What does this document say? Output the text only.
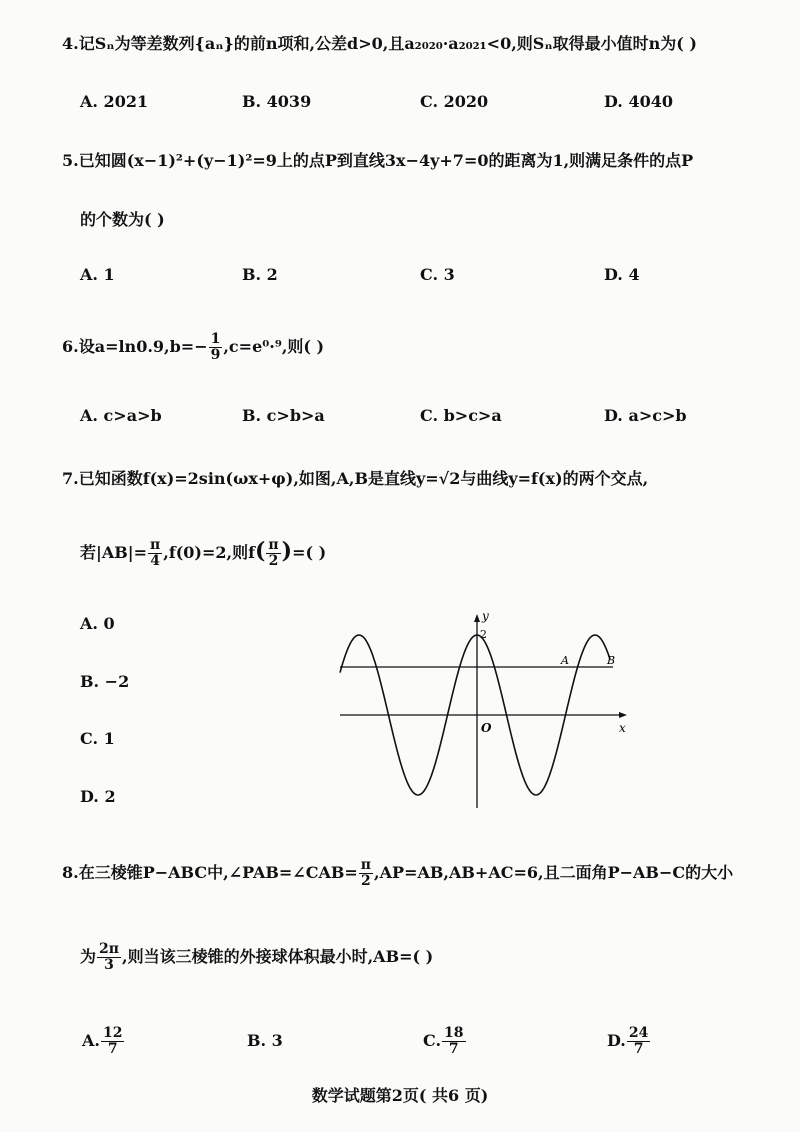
4.记Sₙ为等差数列{aₙ}的前n项和,公差d>0,且a₂₀₂₀·a₂₀₂₁<0,则Sₙ取得最小值时n为( )
A. 2021	B. 4039	C. 2020	D. 4040
5.已知圆(x−1)²+(y−1)²=9上的点P到直线3x−4y+7=0的距离为1,则满足条件的点P
的个数为( )
A. 1	B. 2	C. 3	D. 4
6.设$a=\ln 0.9,b=- \frac{1}{9} ,c=e^0\cdot^9$,则( )
A. c>a>b	B. c>b>a	C. b>c>a	D. a>c>b
7.已知函数f(x)=2sin(ωx+φ),如图,A,B是直线y=√2与曲线y=f(x)的两个交点,
若$|AB|= \frac{\pi}{4} ,f(0)=2$,则$f( \frac{\pi}{2}$ )=( )
A. 0
B. −2
C. 1
D. 2
y
x
O
2
A	B
8.在三棱锥P−ABC中,∠PAB=∠CAB= $\frac{\pi}{2} ,AP=AB,AB+AC=6$,且二面角P−AB−C的大小
为 $\frac{2\pi}{3}$ ,则当该三棱锥的外接球体积最小时,AB=( )
A. $\frac{12}{7}$	B. 3	C. $\frac{18}{7}$	D. $\frac{24}{7}$
数学试题第2页( 共6 页)
